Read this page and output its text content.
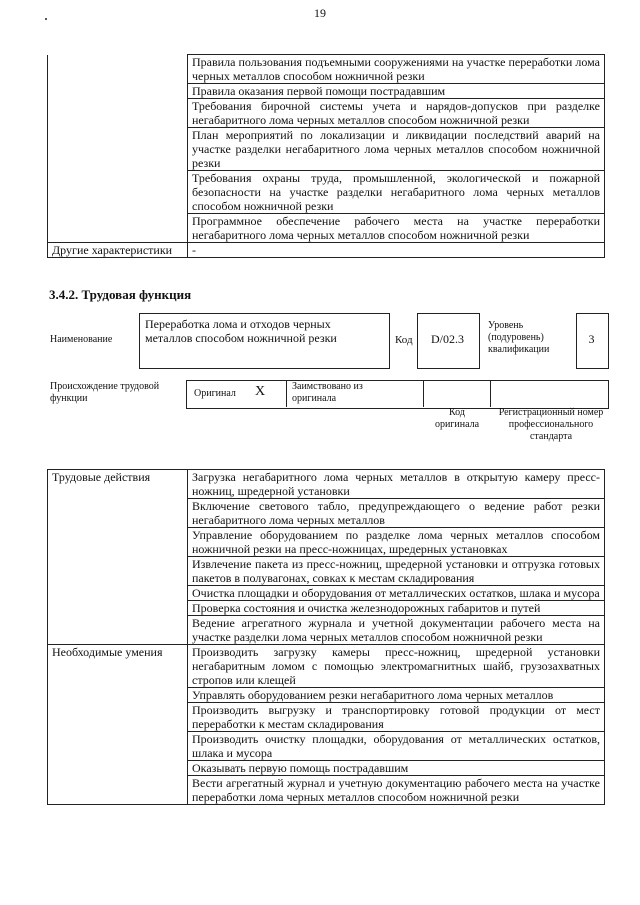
19
	Правила пользования подъемными сооружениями на участке переработки лома черных металлов способом ножничной резки
	Правила оказания первой помощи пострадавшим
	Требования бирочной системы учета и нарядов-допусков при разделке негабаритного лома черных металлов способом ножничной резки
	План мероприятий по локализации и ликвидации последствий аварий на участке разделки негабаритного лома черных металлов способом ножничной резки
	Требования охраны труда, промышленной, экологической и пожарной безопасности на участке разделки негабаритного лома черных металлов способом ножничной резки
	Программное обеспечение рабочего места на участке переработки негабаритного лома черных металлов способом ножничной резки
Другие характеристики	-
3.4.2. Трудовая функция
Наименование
Переработка лома и отходов черных металлов способом ножничной резки	Код	D/02.3
Уровень (подуровень) квалификации
3
Происхождение трудовой функции	Оригинал X	Заимствовано из оригинала
Код оригинала
Регистрационный номер профессионального стандарта
Трудовые действия	Загрузка негабаритного лома черных металлов в открытую камеру пресс-ножниц, шредерной установки
	Включение светового табло, предупреждающего о ведение работ резки негабаритного лома черных металлов
	Управление оборудованием по разделке лома черных металлов способом ножничной резки на пресс-ножницах, шредерных установках
	Извлечение пакета из пресс-ножниц, шредерной установки и отгрузка готовых пакетов в полувагонах, совках к местам складирования
	Очистка площадки и оборудования от металлических остатков, шлака и мусора
	Проверка состояния и очистка железнодорожных габаритов и путей
	Ведение агрегатного журнала и учетной документации рабочего места на участке разделки лома черных металлов способом ножничной резки
Необходимые умения	Производить загрузку камеры пресс-ножниц, шредерной установки негабаритным ломом с помощью электромагнитных шайб, грузозахватных стропов или клещей
	Управлять оборудованием резки негабаритного лома черных металлов
	Производить выгрузку и транспортировку готовой продукции от мест переработки к местам складирования
	Производить очистку площадки, оборудования от металлических остатков, шлака и мусора
	Оказывать первую помощь пострадавшим
	Вести агрегатный журнал и учетную документацию рабочего места на участке переработки лома черных металлов способом ножничной резки
